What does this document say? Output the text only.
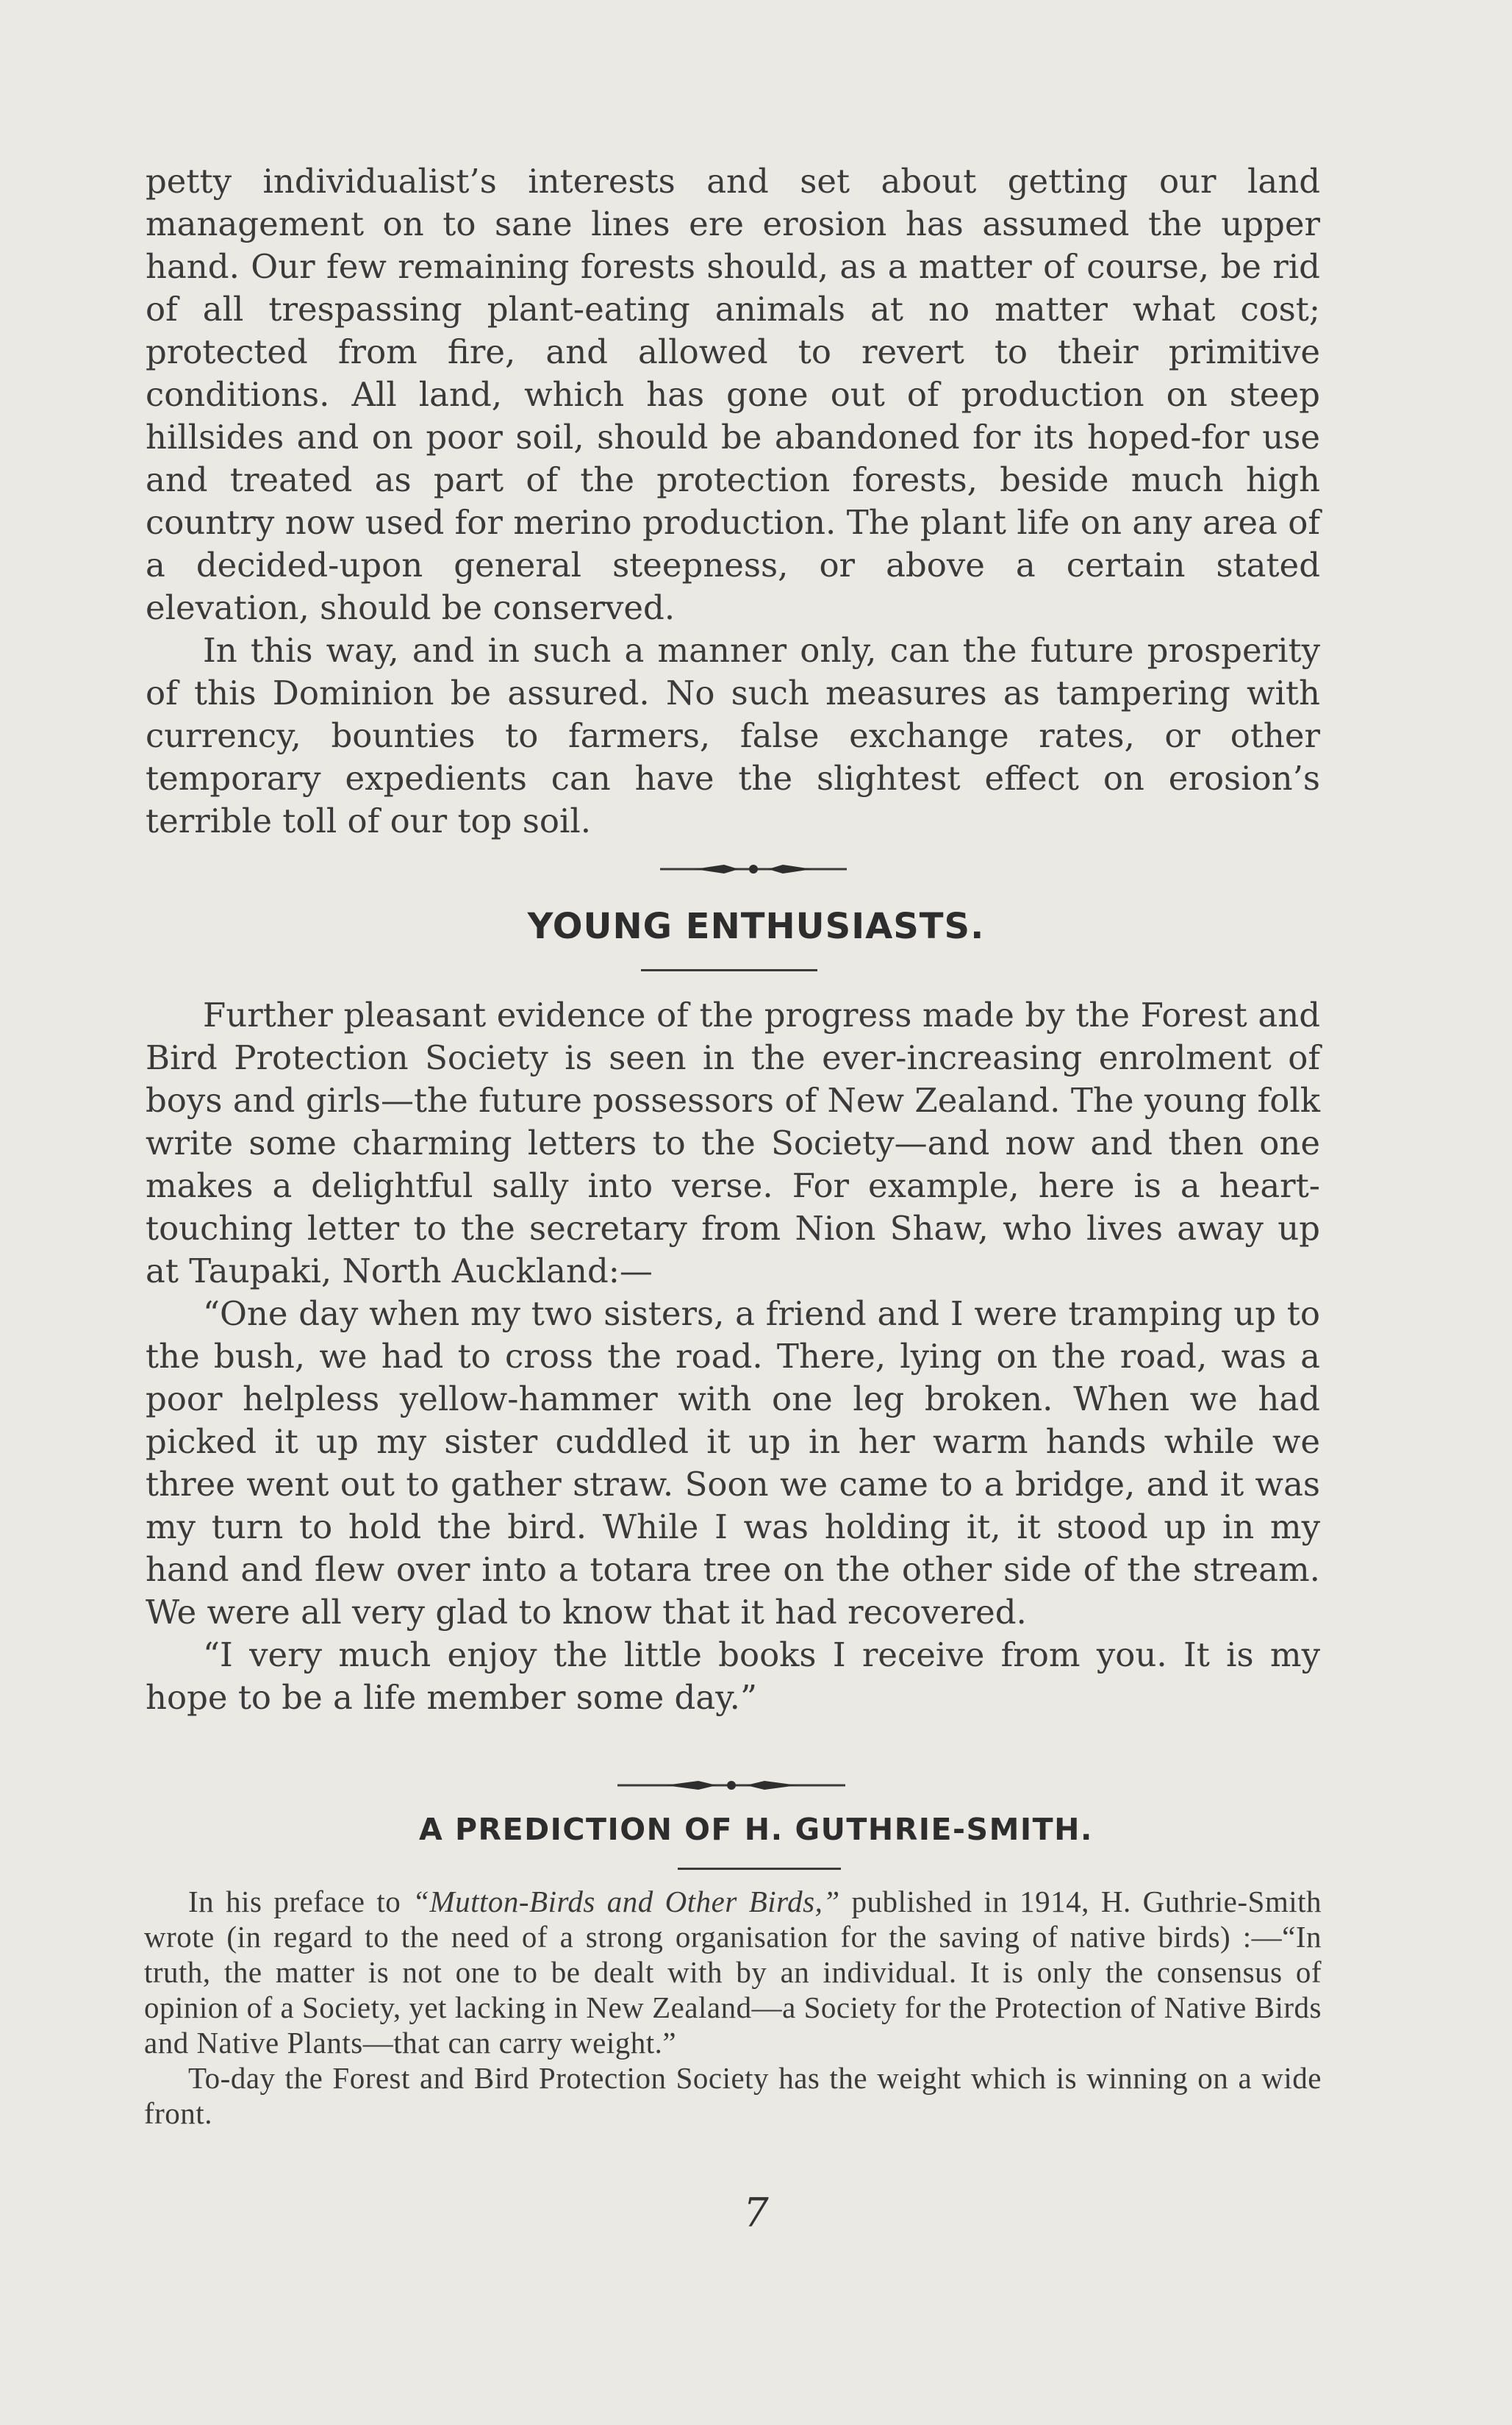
petty individualist’s interests and set about getting our land management on to sane lines ere erosion has assumed the upper hand. Our few remaining forests should, as a matter of course, be rid of all trespassing plant-eating animals at no matter what cost; protected from fire, and allowed to revert to their primitive conditions. All land, which has gone out of production on steep hillsides and on poor soil, should be abandoned for its hoped-for use and treated as part of the protection forests, beside much high country now used for merino production. The plant life on any area of a decided-upon general steepness, or above a certain stated elevation, should be conserved.

In this way, and in such a manner only, can the future prosperity of this Dominion be assured. No such measures as tampering with currency, bounties to farmers, false exchange rates, or other temporary expedients can have the slightest effect on erosion’s terrible toll of our top soil.

YOUNG ENTHUSIASTS.

Further pleasant evidence of the progress made by the Forest and Bird Protection Society is seen in the ever-increasing enrolment of boys and girls—the future possessors of New Zealand. The young folk write some charming letters to the Society—and now and then one makes a delightful sally into verse. For example, here is a heart-touching letter to the secretary from Nion Shaw, who lives away up at Taupaki, North Auckland:—

“One day when my two sisters, a friend and I were tramping up to the bush, we had to cross the road. There, lying on the road, was a poor helpless yellow-hammer with one leg broken. When we had picked it up my sister cuddled it up in her warm hands while we three went out to gather straw. Soon we came to a bridge, and it was my turn to hold the bird. While I was holding it, it stood up in my hand and flew over into a totara tree on the other side of the stream. We were all very glad to know that it had recovered.

“I very much enjoy the little books I receive from you. It is my hope to be a life member some day.”

A PREDICTION OF H. GUTHRIE-SMITH.

In his preface to “Mutton-Birds and Other Birds,” published in 1914, H. Guthrie-Smith wrote (in regard to the need of a strong organisation for the saving of native birds) :—“In truth, the matter is not one to be dealt with by an individual. It is only the consensus of opinion of a Society, yet lacking in New Zealand—a Society for the Protection of Native Birds and Native Plants—that can carry weight.”

To-day the Forest and Bird Protection Society has the weight which is winning on a wide front.

7
